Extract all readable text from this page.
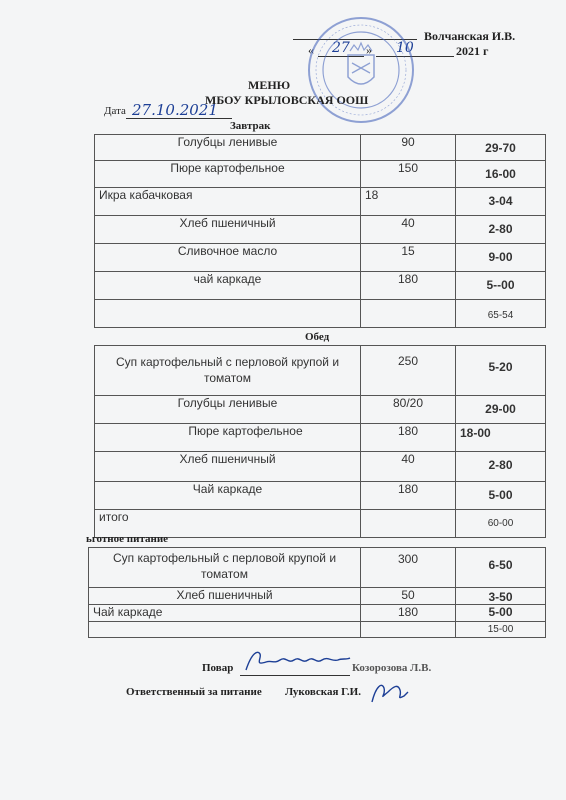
Волчанская И.В.
« 27 » 10	2021 г
МЕНЮ
МБОУ КРЫЛОВСКАЯ ООШ
Дата 27.10.2021
Завтрак
Голубцы ленивые	90	29-70
Пюре картофельное	150	16-00
Икра кабачковая	18	3-04
Хлеб пшеничный	40	2-80
Сливочное масло	15	9-00
чай каркаде	180	5--00
		65-54
Обед
Суп картофельный с перловой крупой и томатом	250	5-20
Голубцы ленивые	80/20	29-00
Пюре картофельное	180	18-00
Хлеб пшеничный	40	2-80
Чай каркаде	180	5-00
итого		60-00
ьготное питание
Суп картофельный с перловой крупой и томатом	300	6-50
Хлеб пшеничный	50	3-50
Чай каркаде	180	5-00
		15-00
Повар	Козорозова Л.В.
Ответственный за питание Луковская Г.И.
